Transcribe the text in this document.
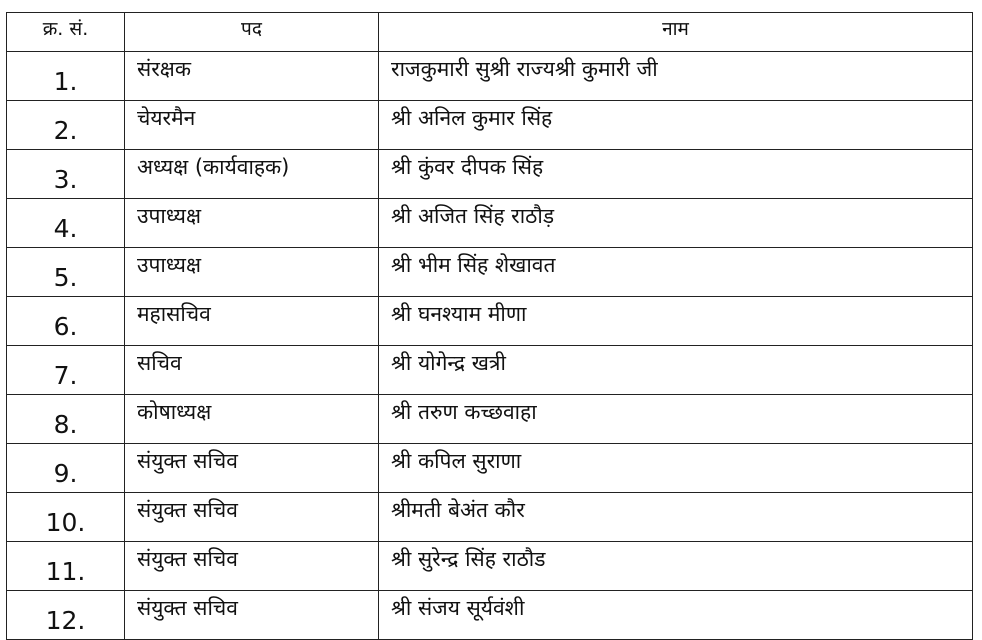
क्र. सं.	पद	नाम
1.	संरक्षक	राजकुमारी सुश्री राज्यश्री कुमारी जी
2.	चेयरमैन	श्री अनिल कुमार सिंह
3.	अध्यक्ष (कार्यवाहक)	श्री कुंवर दीपक सिंह
4.	उपाध्यक्ष	श्री अजित सिंह राठौड़
5.	उपाध्यक्ष	श्री भीम सिंह शेखावत
6.	महासचिव	श्री घनश्याम मीणा
7.	सचिव	श्री योगेन्द्र खत्री
8.	कोषाध्यक्ष	श्री तरुण कच्छवाहा
9.	संयुक्त सचिव	श्री कपिल सुराणा
10.	संयुक्त सचिव	श्रीमती बेअंत कौर
11.	संयुक्त सचिव	श्री सुरेन्द्र सिंह राठौड
12.	संयुक्त सचिव	श्री संजय सूर्यवंशी
